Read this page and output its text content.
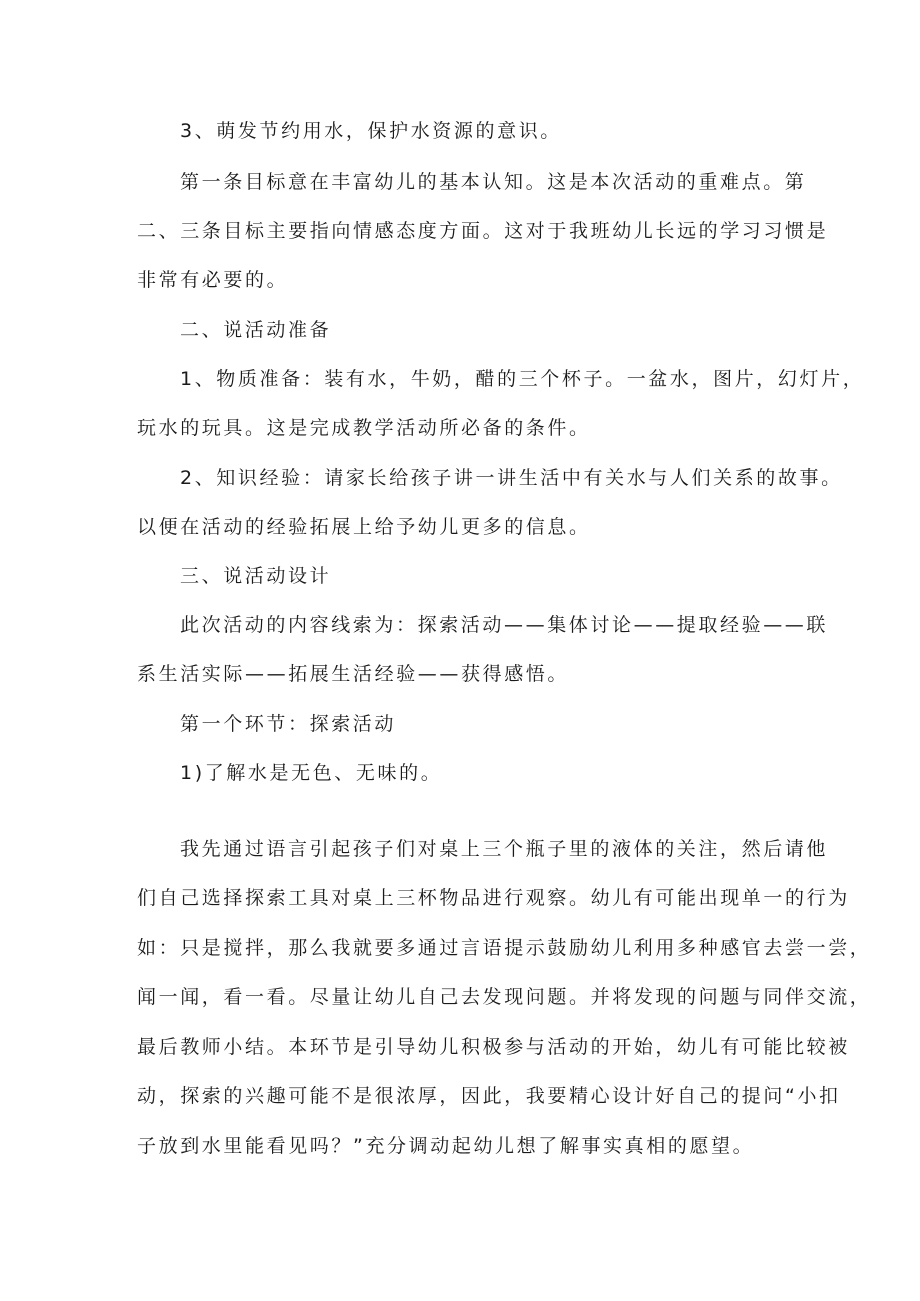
3、萌发节约用水，保护水资源的意识。
第一条目标意在丰富幼儿的基本认知。这是本次活动的重难点。第
二、三条目标主要指向情感态度方面。这对于我班幼儿长远的学习习惯是
非常有必要的。
二、说活动准备
1、物质准备：装有水，牛奶，醋的三个杯子。一盆水，图片，幻灯片，
玩水的玩具。这是完成教学活动所必备的条件。
2、知识经验：请家长给孩子讲一讲生活中有关水与人们关系的故事。
以便在活动的经验拓展上给予幼儿更多的信息。
三、说活动设计
此次活动的内容线索为：探索活动——集体讨论——提取经验——联
系生活实际——拓展生活经验——获得感悟。
第一个环节：探索活动
1)了解水是无色、无味的。
我先通过语言引起孩子们对桌上三个瓶子里的液体的关注，然后请他
们自己选择探索工具对桌上三杯物品进行观察。幼儿有可能出现单一的行为
如：只是搅拌，那么我就要多通过言语提示鼓励幼儿利用多种感官去尝一尝，
闻一闻，看一看。尽量让幼儿自己去发现问题。并将发现的问题与同伴交流，
最后教师小结。本环节是引导幼儿积极参与活动的开始，幼儿有可能比较被
动，探索的兴趣可能不是很浓厚，因此，我要精心设计好自己的提问“小扣
子放到水里能看见吗？”充分调动起幼儿想了解事实真相的愿望。
